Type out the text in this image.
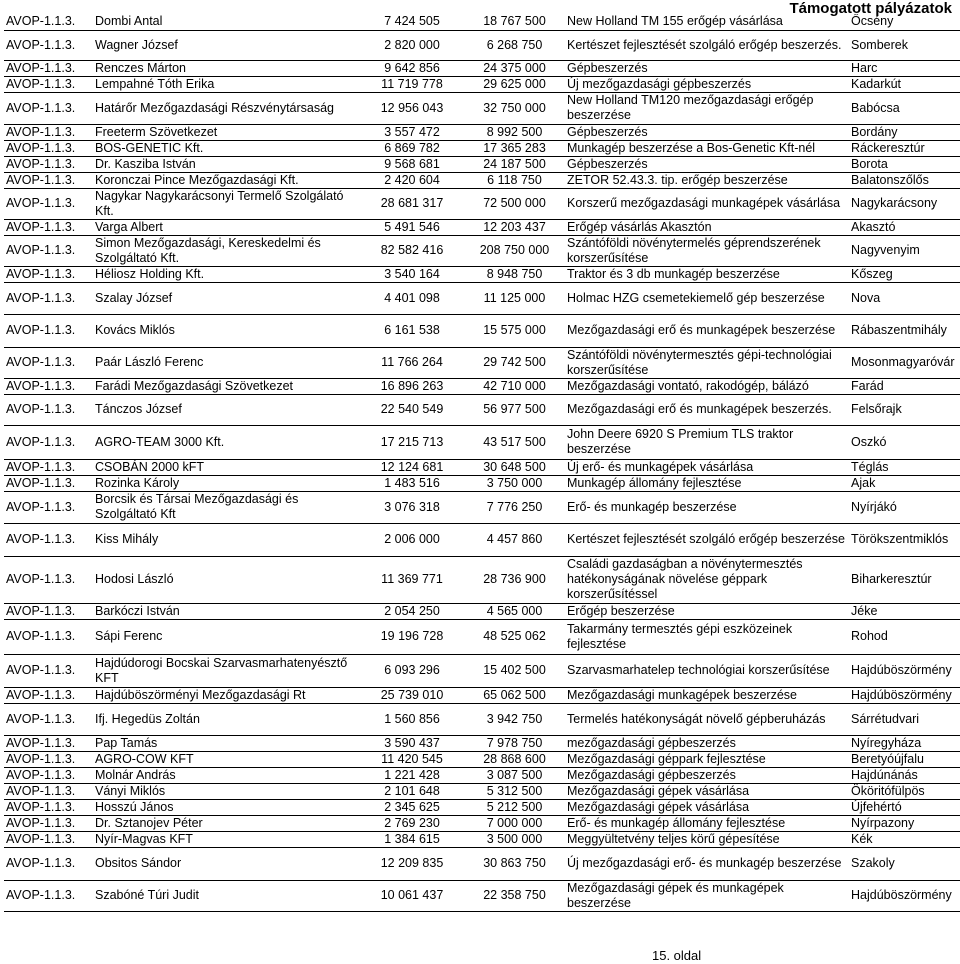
Támogatott pályázatok
AVOP-1.1.3.	Dombi Antal	7 424 505	18 767 500	New Holland TM 155 erőgép vásárlása	Őcsény
AVOP-1.1.3.	Wagner József	2 820 000	6 268 750	Kertészet fejlesztését szolgáló erőgép beszerzés.	Somberek
AVOP-1.1.3.	Renczes Márton	9 642 856	24 375 000	Gépbeszerzés	Harc
AVOP-1.1.3.	Lempahné Tóth Erika	11 719 778	29 625 000	Új mezőgazdasági gépbeszerzés	Kadarkút
AVOP-1.1.3.	Határőr Mezőgazdasági Részvénytársaság	12 956 043	32 750 000	New Holland TM120 mezőgazdasági erőgép beszerzése	Babócsa
AVOP-1.1.3.	Freeterm Szövetkezet	3 557 472	8 992 500	Gépbeszerzés	Bordány
AVOP-1.1.3.	BOS-GENETIC Kft.	6 869 782	17 365 283	Munkagép beszerzése a Bos-Genetic Kft-nél	Ráckeresztúr
AVOP-1.1.3.	Dr. Kasziba István	9 568 681	24 187 500	Gépbeszerzés	Borota
AVOP-1.1.3.	Koronczai Pince Mezőgazdasági Kft.	2 420 604	6 118 750	ZETOR 52.43.3. tip. erőgép beszerzése	Balatonszőlős
AVOP-1.1.3.	Nagykar Nagykarácsonyi Termelő Szolgálató Kft.	28 681 317	72 500 000	Korszerű mezőgazdasági munkagépek vásárlása	Nagykarácsony
AVOP-1.1.3.	Varga Albert	5 491 546	12 203 437	Erőgép vásárlás Akasztón	Akasztó
AVOP-1.1.3.	Simon Mezőgazdasági, Kereskedelmi és Szolgáltató Kft.	82 582 416	208 750 000	Szántóföldi növénytermelés géprendszerének korszerűsítése	Nagyvenyim
AVOP-1.1.3.	Héliosz Holding Kft.	3 540 164	8 948 750	Traktor és 3 db munkagép beszerzése	Kőszeg
AVOP-1.1.3.	Szalay József	4 401 098	11 125 000	Holmac HZG csemetekiemelő gép beszerzése	Nova
AVOP-1.1.3.	Kovács Miklós	6 161 538	15 575 000	Mezőgazdasági erő és munkagépek beszerzése	Rábaszentmihály
AVOP-1.1.3.	Paár László Ferenc	11 766 264	29 742 500	Szántóföldi növénytermesztés gépi-technológiai korszerűsítése	Mosonmagyaróvár
AVOP-1.1.3.	Farádi Mezőgazdasági Szövetkezet	16 896 263	42 710 000	Mezőgazdasági vontató, rakodógép, bálázó	Farád
AVOP-1.1.3.	Tánczos József	22 540 549	56 977 500	Mezőgazdasági erő és munkagépek beszerzés.	Felsőrajk
AVOP-1.1.3.	AGRO-TEAM 3000 Kft.	17 215 713	43 517 500	John Deere 6920 S Premium TLS traktor beszerzése	Oszkó
AVOP-1.1.3.	CSOBÁN 2000 kFT	12 124 681	30 648 500	Új erő- és munkagépek vásárlása	Téglás
AVOP-1.1.3.	Rozinka Károly	1 483 516	3 750 000	Munkagép állomány fejlesztése	Ajak
AVOP-1.1.3.	Borcsik és Társai Mezőgazdasági és Szolgáltató Kft	3 076 318	7 776 250	Erő- és munkagép beszerzése	Nyírjákó
AVOP-1.1.3.	Kiss Mihály	2 006 000	4 457 860	Kertészet fejlesztését szolgáló erőgép beszerzése	Törökszentmiklós
AVOP-1.1.3.	Hodosi László	11 369 771	28 736 900	Családi gazdaságban a növénytermesztés hatékonyságának növelése géppark korszerűsítéssel	Biharkeresztúr
AVOP-1.1.3.	Barkóczi István	2 054 250	4 565 000	Erőgép beszerzése	Jéke
AVOP-1.1.3.	Sápi Ferenc	19 196 728	48 525 062	Takarmány termesztés gépi eszközeinek fejlesztése	Rohod
AVOP-1.1.3.	Hajdúdorogi Bocskai Szarvasmarhatenyésztő KFT	6 093 296	15 402 500	Szarvasmarhatelep technológiai korszerűsítése	Hajdúböszörmény
AVOP-1.1.3.	Hajdúböszörményi Mezőgazdasági Rt	25 739 010	65 062 500	Mezőgazdasági munkagépek beszerzése	Hajdúböszörmény
AVOP-1.1.3.	Ifj. Hegedüs Zoltán	1 560 856	3 942 750	Termelés hatékonyságát növelő gépberuházás	Sárrétudvari
AVOP-1.1.3.	Pap Tamás	3 590 437	7 978 750	mezőgazdasági gépbeszerzés	Nyíregyháza
AVOP-1.1.3.	AGRO-COW KFT	11 420 545	28 868 600	Mezőgazdasági géppark fejlesztése	Beretyóújfalu
AVOP-1.1.3.	Molnár András	1 221 428	3 087 500	Mezőgazdasági gépbeszerzés	Hajdúnánás
AVOP-1.1.3.	Ványi Miklós	2 101 648	5 312 500	Mezőgazdasági gépek vásárlása	Ököritófülpös
AVOP-1.1.3.	Hosszú János	2 345 625	5 212 500	Mezőgazdasági gépek vásárlása	Újfehértó
AVOP-1.1.3.	Dr. Sztanojev Péter	2 769 230	7 000 000	Erő- és munkagép állomány fejlesztése	Nyírpazony
AVOP-1.1.3.	Nyír-Magvas KFT	1 384 615	3 500 000	Meggyültetvény teljes körű gépesítése	Kék
AVOP-1.1.3.	Obsitos Sándor	12 209 835	30 863 750	Új mezőgazdasági erő- és munkagép beszerzése	Szakoly
AVOP-1.1.3.	Szabóné Túri Judit	10 061 437	22 358 750	Mezőgazdasági gépek és munkagépek beszerzése	Hajdúböszörmény
15. oldal
